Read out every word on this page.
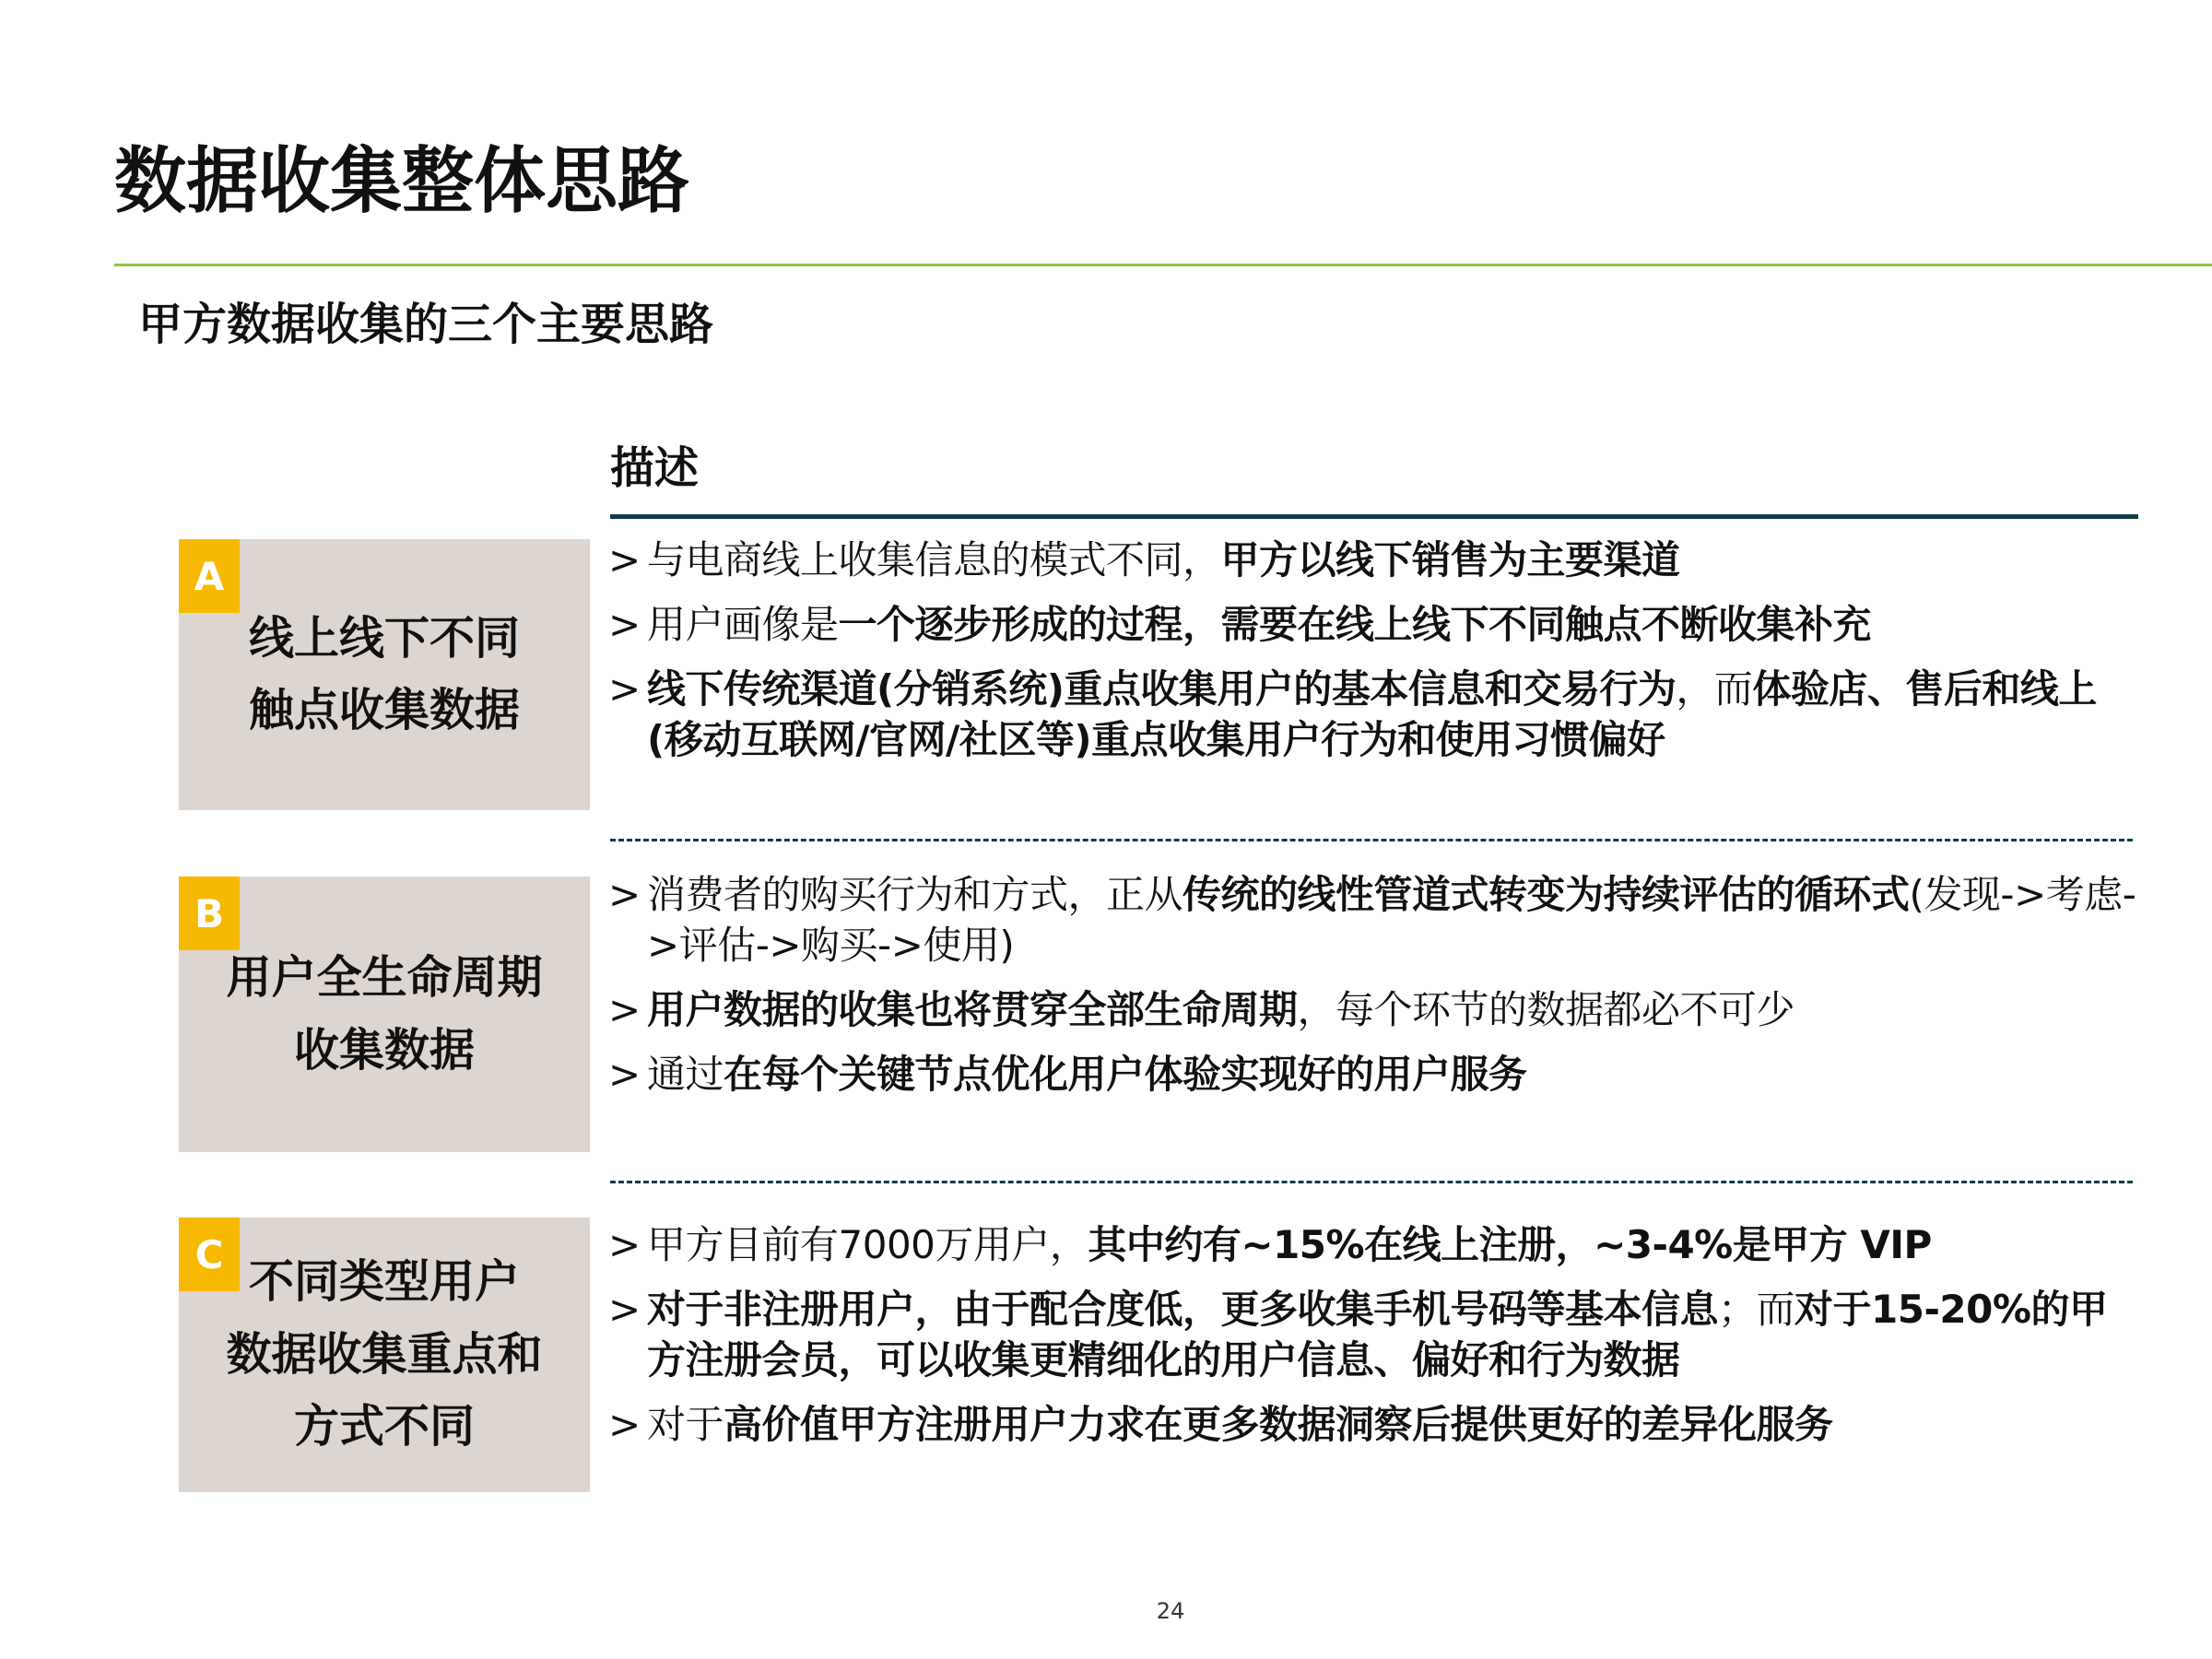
数据收集整体思路
甲方数据收集的三个主要思路
描述
线上线下不同
触点收集数据
A	> 与电商线上收集信息的模式不同，甲方以线下销售为主要渠道
> 用户画像是一个逐步形成的过程，需要在线上线下不同触点不断收集补充
> 线下传统渠道(分销系统)重点收集用户的基本信息和交易行为，而体验店、售后和线上(移动互联网/官网/社区等)重点收集用户行为和使用习惯偏好
用户全生命周期
收集数据
B	> 消费者的购买行为和方式，正从传统的线性管道式转变为持续评估的循环式(发现->考虑->评估->购买->使用)
> 用户数据的收集也将贯穿全部生命周期，每个环节的数据都必不可少
> 通过在每个关键节点优化用户体验实现好的用户服务
不同类型用户
数据收集重点和
方式不同
C	> 甲方目前有7000万用户，其中约有~15%在线上注册，~3-4%是甲方 VIP
> 对于非注册用户，由于配合度低，更多收集手机号码等基本信息；而对于15-20%的甲方注册会员，可以收集更精细化的用户信息、偏好和行为数据
> 对于高价值甲方注册用户力求在更多数据洞察后提供更好的差异化服务
24
